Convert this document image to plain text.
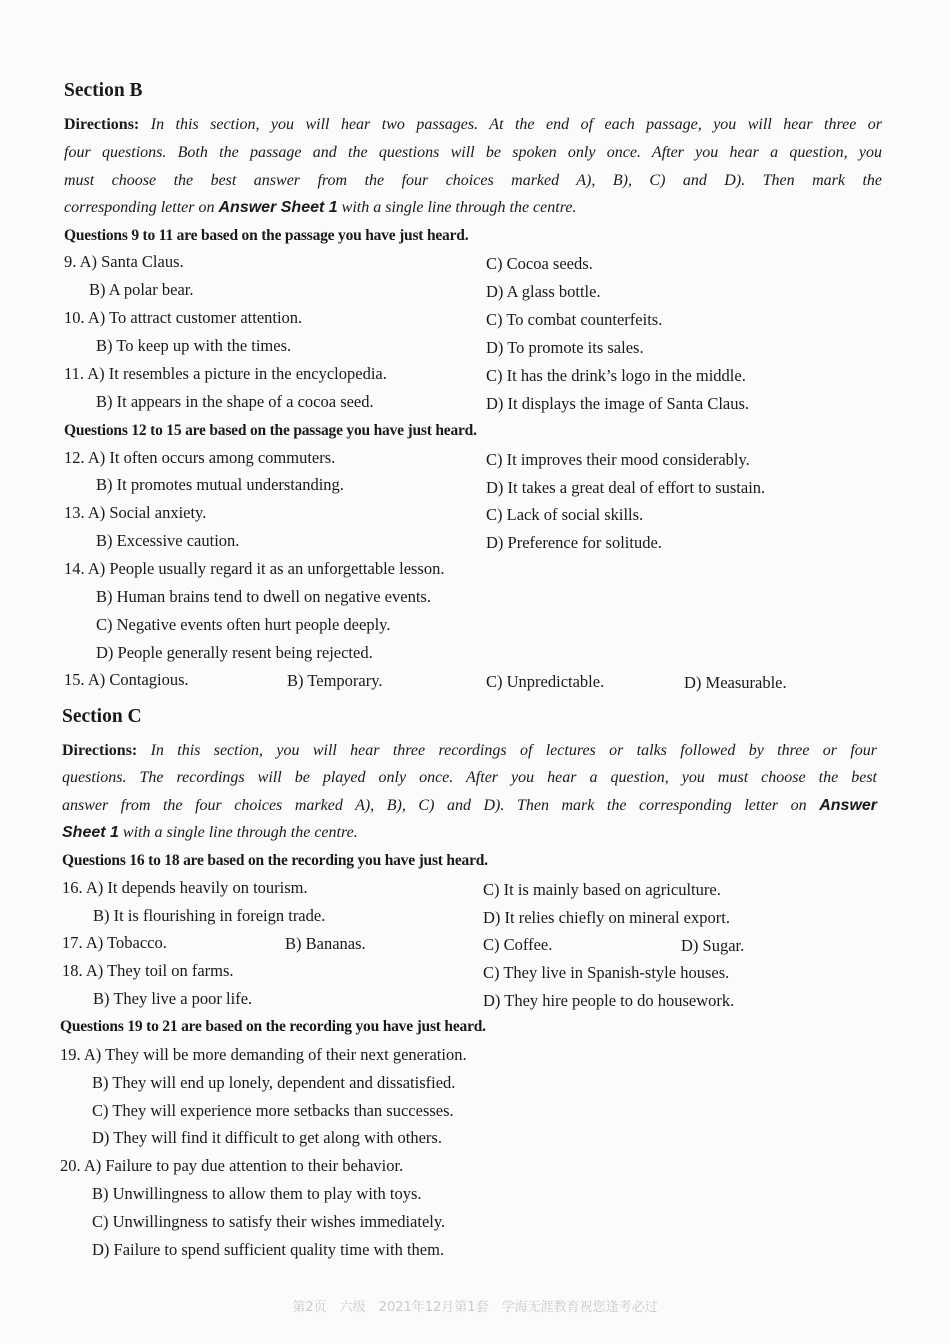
Section B
Directions: In this section, you will hear two passages. At the end of each passage, you will hear three or
four questions. Both the passage and the questions will be spoken only once. After you hear a question, you
must choose the best answer from the four choices marked A), B), C) and D). Then mark the
corresponding letter on Answer Sheet 1 with a single line through the centre.
Questions 9 to 11 are based on the passage you have just heard.
9. A) Santa Claus.	C) Cocoa seeds.
B) A polar bear.	D) A glass bottle.
10. A) To attract customer attention.	C) To combat counterfeits.
B) To keep up with the times.	D) To promote its sales.
11. A) It resembles a picture in the encyclopedia.	C) It has the drink’s logo in the middle.
B) It appears in the shape of a cocoa seed.	D) It displays the image of Santa Claus.
Questions 12 to 15 are based on the passage you have just heard.
12. A) It often occurs among commuters.	C) It improves their mood considerably.
B) It promotes mutual understanding.	D) It takes a great deal of effort to sustain.
13. A) Social anxiety.	C) Lack of social skills.
B) Excessive caution.	D) Preference for solitude.
14. A) People usually regard it as an unforgettable lesson.
B) Human brains tend to dwell on negative events.
C) Negative events often hurt people deeply.
D) People generally resent being rejected.
15. A) Contagious.	B) Temporary.	C) Unpredictable.	D) Measurable.
Section C
Directions: In this section, you will hear three recordings of lectures or talks followed by three or four
questions. The recordings will be played only once. After you hear a question, you must choose the best
answer from the four choices marked A), B), C) and D). Then mark the corresponding letter on Answer
Sheet 1 with a single line through the centre.
Questions 16 to 18 are based on the recording you have just heard.
16. A) It depends heavily on tourism.	C) It is mainly based on agriculture.
B) It is flourishing in foreign trade.	D) It relies chiefly on mineral export.
17. A) Tobacco.	B) Bananas.	C) Coffee.	D) Sugar.
18. A) They toil on farms.	C) They live in Spanish-style houses.
B) They live a poor life.	D) They hire people to do housework.
Questions 19 to 21 are based on the recording you have just heard.
19. A) They will be more demanding of their next generation.
B) They will end up lonely, dependent and dissatisfied.
C) They will experience more setbacks than successes.
D) They will find it difficult to get along with others.
20. A) Failure to pay due attention to their behavior.
B) Unwillingness to allow them to play with toys.
C) Unwillingness to satisfy their wishes immediately.
D) Failure to spend sufficient quality time with them.
第2页　六级　2021年12月第1套　学海无涯教育祝您逢考必过
